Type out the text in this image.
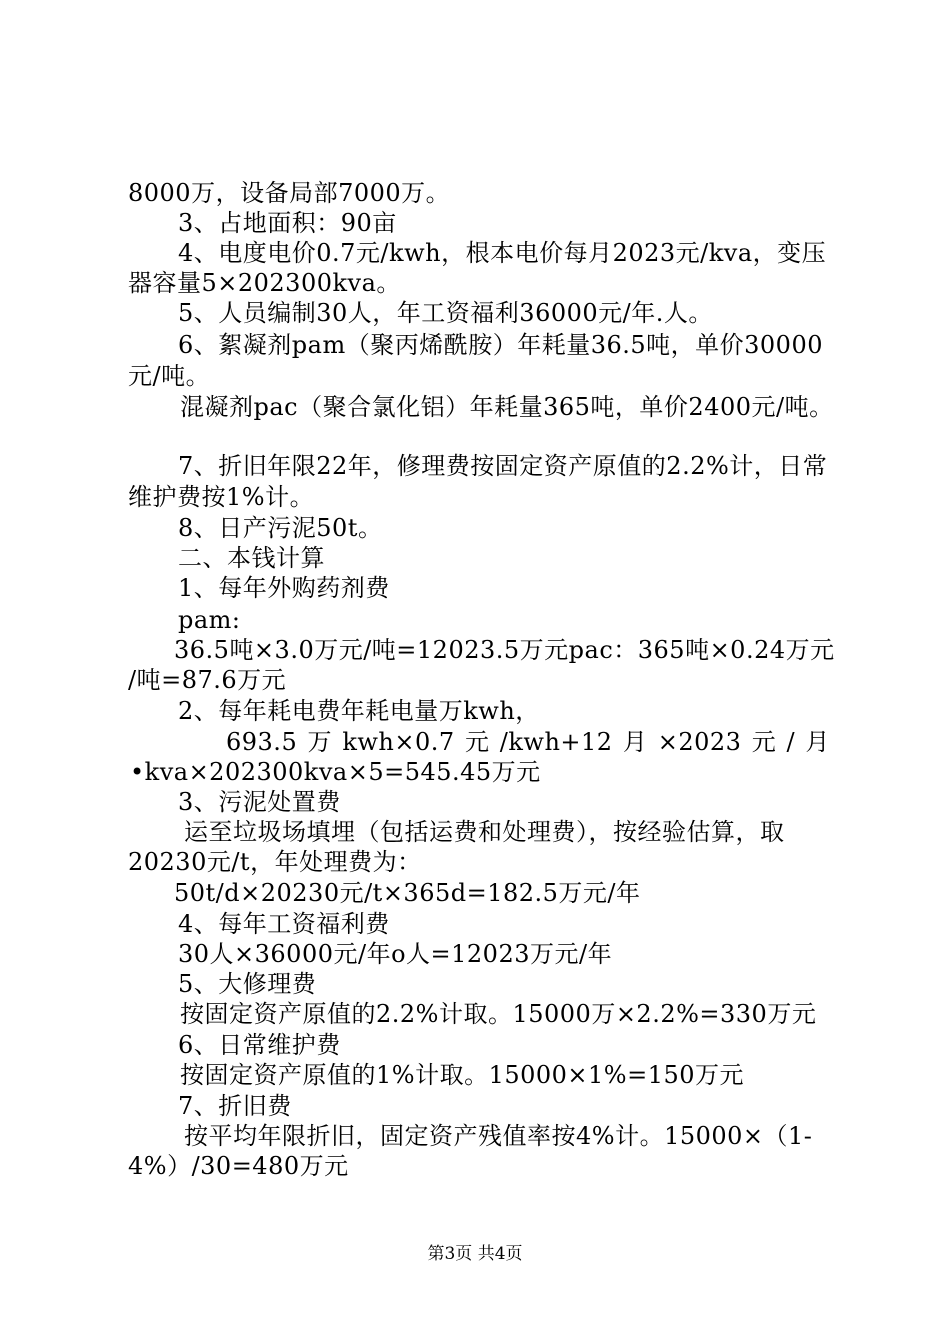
8000万，设备局部7000万。
3、占地面积：90亩
4、电度电价0.7元/kwh，根本电价每月2023元/kva，变压
器容量5×202300kva。
5、人员编制30人，年工资福利36000元/年.人。
6、絮凝剂pam（聚丙烯酰胺）年耗量36.5吨，单价30000
元/吨。
混凝剂pac（聚合氯化铝）年耗量365吨，单价2400元/吨。
7、折旧年限22年，修理费按固定资产原值的2.2%计，日常
维护费按1%计。
8、日产污泥50t。
二、本钱计算
1、每年外购药剂费
pam:
36.5吨×3.0万元/吨=12023.5万元pac：365吨×0.24万元
/吨=87.6万元
2、每年耗电费年耗电量万kwh，
693.5 万 kwh×0.7 元 /kwh+12 月 ×2023 元 / 月
•kva×202300kva×5=545.45万元
3、污泥处置费
运至垃圾场填埋（包括运费和处理费），按经验估算，取
20230元/t，年处理费为：
50t/d×20230元/t×365d=182.5万元/年
4、每年工资福利费
30人×36000元/年o人=12023万元/年
5、大修理费
按固定资产原值的2.2%计取。15000万×2.2%=330万元
6、日常维护费
按固定资产原值的1%计取。15000×1%=150万元
7、折旧费
按平均年限折旧，固定资产残值率按4%计。15000×（1-
4%）/30=480万元
第3页 共4页
